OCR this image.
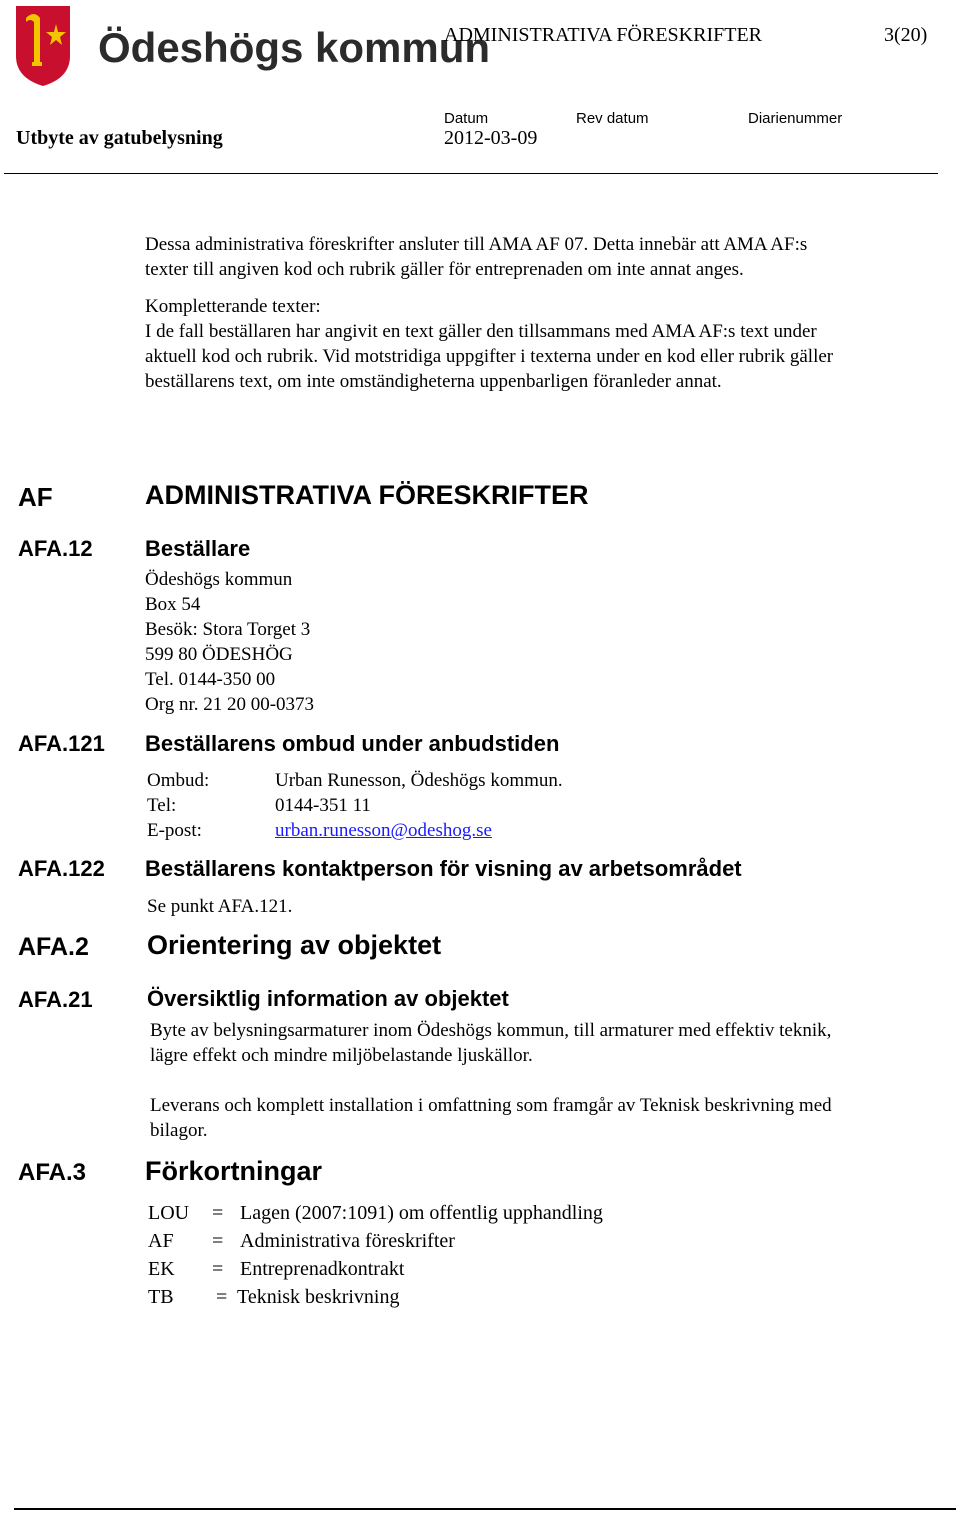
Ödeshögs kommun
ADMINISTRATIVA FÖRESKRIFTER	3(20)
Datum	Rev datum	Diarienummer
Utbyte av gatubelysning	2012-03-09
Dessa administrativa föreskrifter ansluter till AMA AF 07. Detta innebär att AMA AF:s
texter till angiven kod och rubrik gäller för entreprenaden om inte annat anges.
Kompletterande texter:
I de fall beställaren har angivit en text gäller den tillsammans med AMA AF:s text under
aktuell kod och rubrik. Vid motstridiga uppgifter i texterna under en kod eller rubrik gäller
beställarens text, om inte omständigheterna uppenbarligen föranleder annat.
AF	ADMINISTRATIVA FÖRESKRIFTER
AFA.12 Beställare
Ödeshögs kommun
Box 54
Besök: Stora Torget 3
599 80 ÖDESHÖG
Tel. 0144-350 00
Org nr. 21 20 00-0373
AFA.121 Beställarens ombud under anbudstiden
Ombud:	Urban Runesson, Ödeshögs kommun.
Tel:	0144-351 11
E-post:	urban.runesson@odeshog.se
AFA.122 Beställarens kontaktperson för visning av arbetsområdet
Se punkt AFA.121.
AFA.2 Orientering av objektet
AFA.21 Översiktlig information av objektet
Byte av belysningsarmaturer inom Ödeshögs kommun, till armaturer med effektiv teknik,
lägre effekt och mindre miljöbelastande ljuskällor.
Leverans och komplett installation i omfattning som framgår av Teknisk beskrivning med
bilagor.
AFA.3 Förkortningar
LOU = Lagen (2007:1091) om offentlig upphandling
AF = Administrativa föreskrifter
EK = Entreprenadkontrakt
TB = Teknisk beskrivning
